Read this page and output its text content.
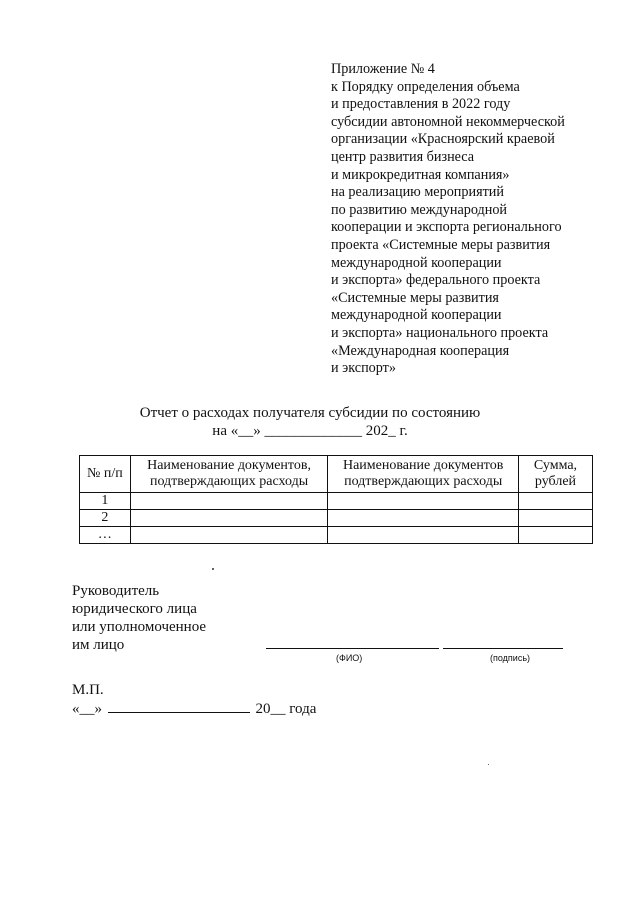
Приложение № 4
к Порядку определения объема
и предоставления в 2022 году
субсидии автономной некоммерческой
организации «Красноярский краевой
центр развития бизнеса
и микрокредитная компания»
на реализацию мероприятий
по развитию международной
кооперации и экспорта регионального
проекта «Системные меры развития
международной кооперации
и экспорта» федерального проекта
«Системные меры развития
международной кооперации
и экспорта» национального проекта
«Международная кооперация
и экспорт»
Отчет о расходах получателя субсидии по состоянию
на «__» _____________ 202_ г.
№ п/п	Наименование документов, подтверждающих расходы	Наименование документов подтверждающих расходы	Сумма, рублей
1			
2			
…			
Руководитель
юридического лица
или уполномоченное
им лицо
(ФИО)	(подпись)
М.П.
«__»	20__ года
